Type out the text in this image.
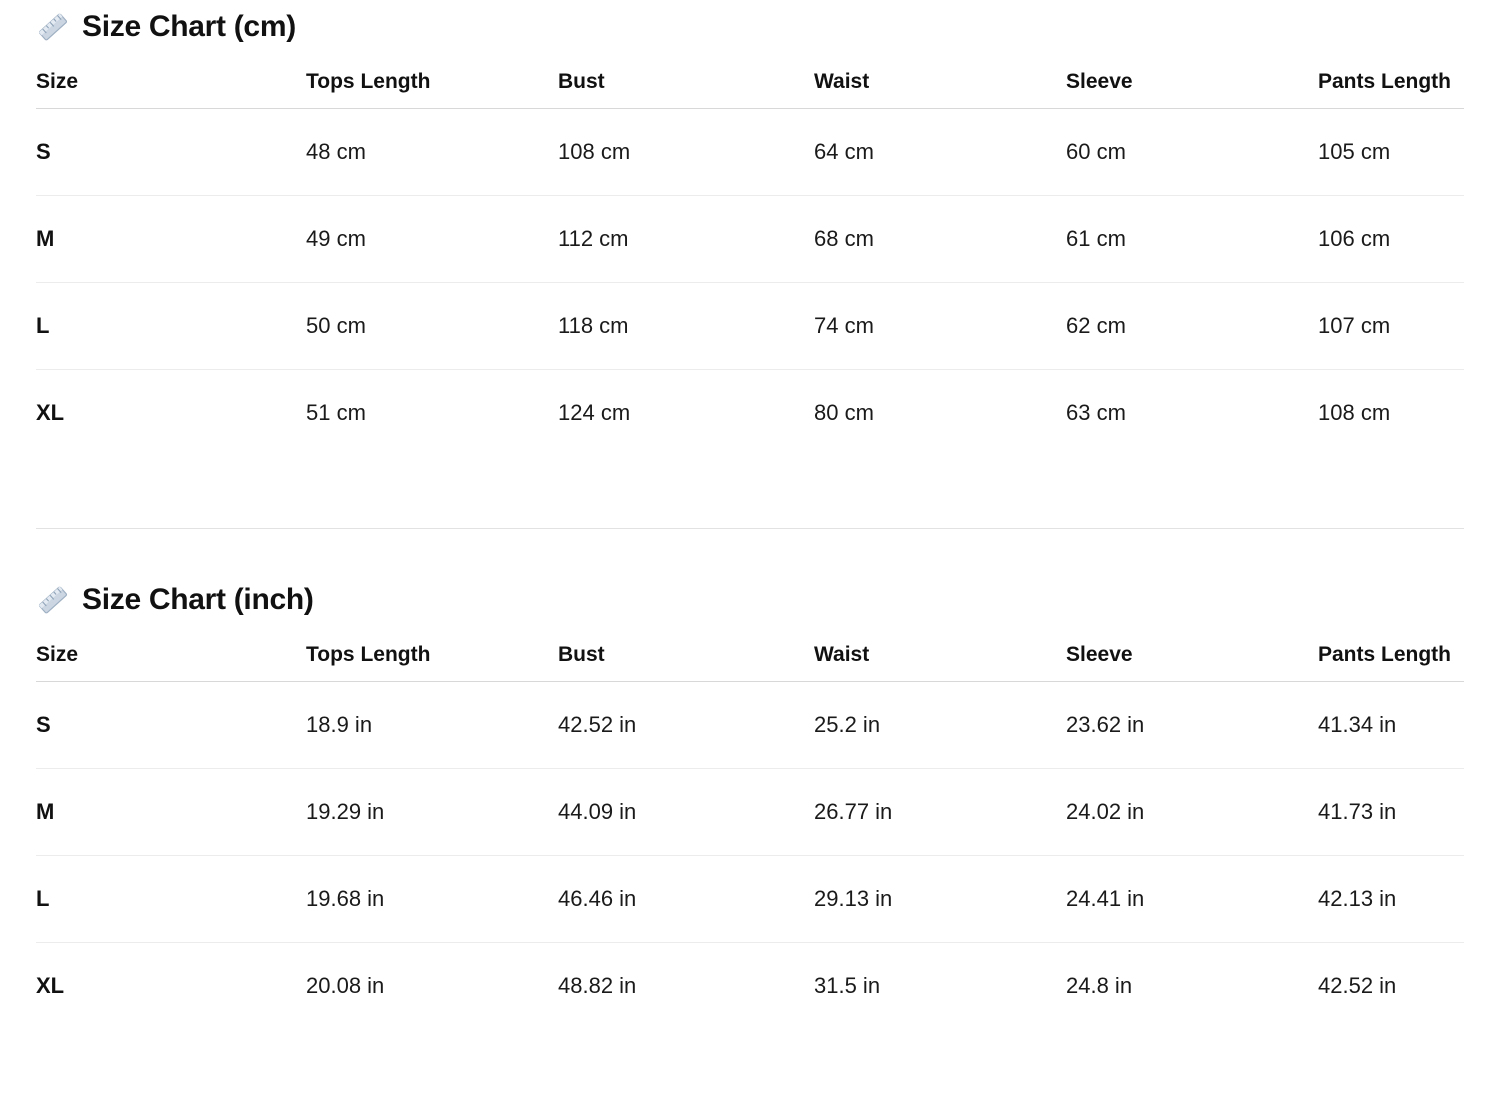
Size Chart (cm)
Size	Tops Length	Bust	Waist	Sleeve	Pants Length
S	48 cm	108 cm	64 cm	60 cm	105 cm
M	49 cm	112 cm	68 cm	61 cm	106 cm
L	50 cm	118 cm	74 cm	62 cm	107 cm
XL	51 cm	124 cm	80 cm	63 cm	108 cm
Size Chart (inch)
Size	Tops Length	Bust	Waist	Sleeve	Pants Length
S	18.9 in	42.52 in	25.2 in	23.62 in	41.34 in
M	19.29 in	44.09 in	26.77 in	24.02 in	41.73 in
L	19.68 in	46.46 in	29.13 in	24.41 in	42.13 in
XL	20.08 in	48.82 in	31.5 in	24.8 in	42.52 in
